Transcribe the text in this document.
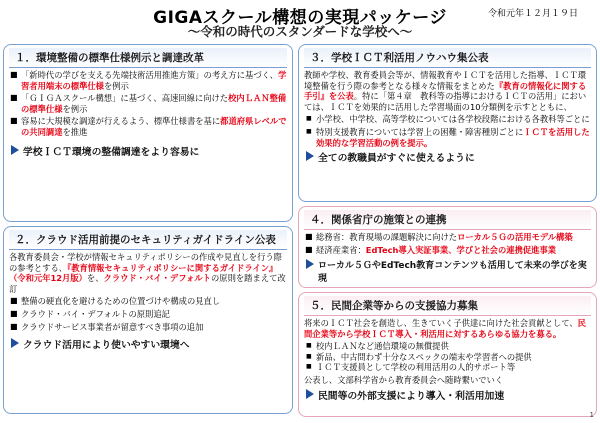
GIGAスクール構想の実現パッケージ
〜令和の時代のスタンダードな学校へ〜
令和元年１２月１９日
１．環境整備の標準仕様例示と調達改革
■ 「新時代の学びを支える先端技術活用推進方策」の考え方に基づく、学習者用端末の標準仕様を例示
■ 「ＧＩＧＡスクール構想」に基づく、高速回線に向けた校内ＬＡＮ整備の標準仕様を例示
■ 容易に大規模な調達が行えるよう、標準仕様書を基に都道府県レベルでの共同調達を推進
学校ＩＣＴ環境の整備調達をより容易に
２．クラウド活用前提のセキュリティガイドライン公表
各教育委員会・学校が情報セキュリティポリシーの作成や見直しを行う際の参考とする、『教育情報セキュリティポリシーに関するガイドライン』（令和元年12月版）を、クラウド・バイ・デフォルトの原則を踏まえて改訂
■ 整備の硬直化を避けるための位置づけや構成の見直し
■ クラウド・バイ・デフォルトの原則追記
■ クラウドサービス事業者が留意すべき事項の追加
クラウド活用により使いやすい環境へ
３．学校ＩＣＴ利活用ノウハウ集公表
教師や学校、教育委員会等が、情報教育やＩＣＴを活用した指導、ＩＣＴ環境整備を行う際の参考となる様々な情報をまとめた『教育の情報化に関する手引』を公表。特に「第４章　教科等の指導におけるＩＣＴの活用」においては、ＩＣＴを効果的に活用した学習場面の10分類例を示すとともに、
■ 小学校、中学校、高等学校については各学校段階における各教科等ごとに
■ 特別支援教育については学習上の困難・障害種別ごとにＩＣＴを活用した効果的な学習活動の例を提示。
全ての教職員がすぐに使えるように
４．関係省庁の施策との連携
■ 総務省：教育現場の課題解決に向けたローカル５Ｇの活用モデル構築
■ 経済産業省：EdTech導入実証事業、学びと社会の連携促進事業
ローカル５ＧやEdTech教育コンテンツも活用して未来の学びを実現
５．民間企業等からの支援協力募集
将来のＩＣＴ社会を創造し、生きていく子供達に向けた社会貢献として、民間企業等から学校ＩＣＴ導入・利活用に対するあらゆる協力を募る。
■ 校内ＬＡＮなど通信環境の無償提供
■ 新品、中古問わず十分なスペックの端末や学習者への提供
■ ＩＣＴ支援員として学校の利用活用の人的サポート等
公表し、文部科学省から教育委員会へ随時繋いでいく
民間等の外部支援により導入・利活用加速
1
